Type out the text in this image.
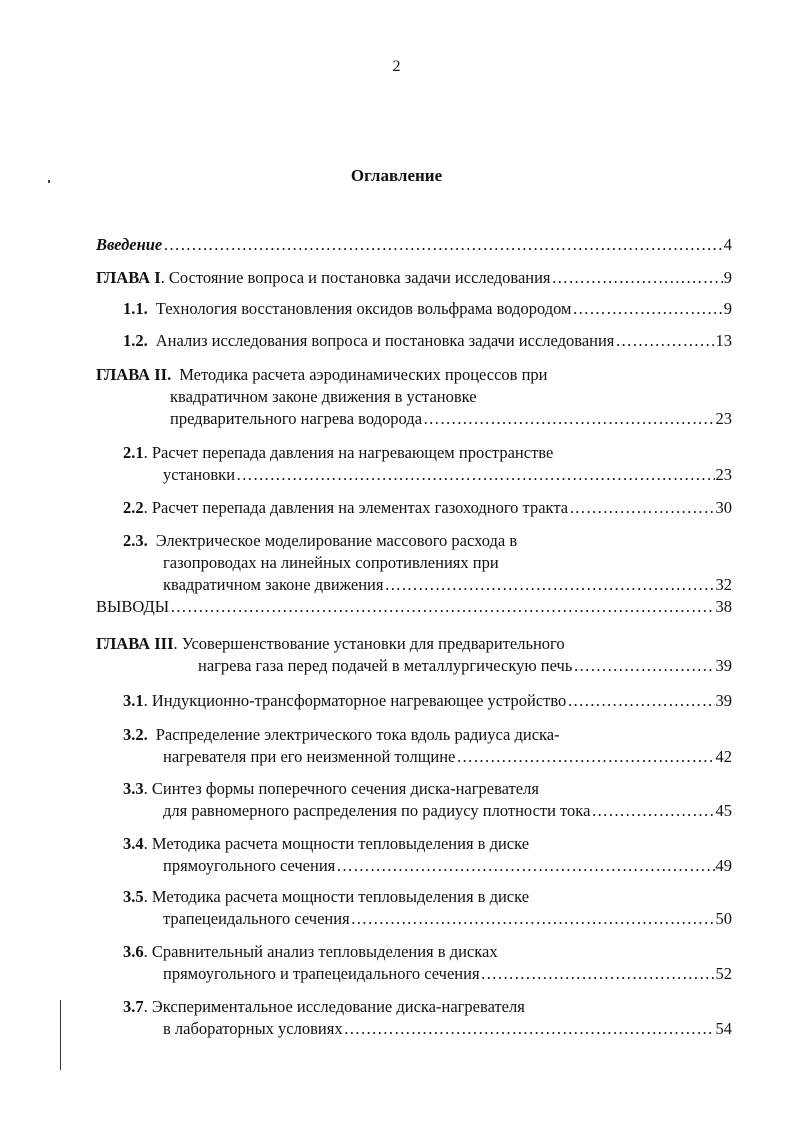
2
Оглавление
Введение ………………………………………………………………………………………………………………………………………………………………	4
ГЛАВА I . Состояние вопроса и постановка задачи исследования ………………………………………………………………………………………………………………………………………………………………	9
1.1. Технология восстановления оксидов вольфрама водородом ………………………………………………………………………………………………………………………………………………………………	9
1.2. Анализ исследования вопроса и постановка задачи исследования ………………………………………………………………………………………………………………………………………………………………	13
ГЛАВА II. Методика расчета аэродинамических процессов при
квадратичном законе движения в установке
предварительного нагрева водорода ………………………………………………………………………………………………………………………………………………………………	23
2.1 . Расчет перепада давления на нагревающем пространстве
установки ………………………………………………………………………………………………………………………………………………………………	23
2.2 . Расчет перепада давления на элементах газоходного тракта ………………………………………………………………………………………………………………………………………………………………	30
2.3. Электрическое моделирование массового расхода в
газопроводах на линейных сопротивлениях при
квадратичном законе движения ………………………………………………………………………………………………………………………………………………………………	32
ВЫВОДЫ ………………………………………………………………………………………………………………………………………………………………	38
ГЛАВА III . Усовершенствование установки для предварительного
нагрева газа перед подачей в металлургическую печь ………………………………………………………………………………………………………………………………………………………………	39
3.1 . Индукционно-трансформаторное нагревающее устройство ………………………………………………………………………………………………………………………………………………………………	39
3.2. Распределение электрического тока вдоль радиуса диска-
нагревателя при его неизменной толщине ………………………………………………………………………………………………………………………………………………………………	42
3.3 . Синтез формы поперечного сечения диска-нагревателя
для равномерного распределения по радиусу плотности тока ………………………………………………………………………………………………………………………………………………………………	45
3.4 . Методика расчета мощности тепловыделения в диске
прямоугольного сечения ………………………………………………………………………………………………………………………………………………………………	49
3.5 . Методика расчета мощности тепловыделения в диске
трапецеидального сечения ………………………………………………………………………………………………………………………………………………………………	50
3.6 . Сравнительный анализ тепловыделения в дисках
прямоугольного и трапецеидального сечения ………………………………………………………………………………………………………………………………………………………………	52
3.7 . Экспериментальное исследование диска-нагревателя
в лабораторных условиях ………………………………………………………………………………………………………………………………………………………………	54
